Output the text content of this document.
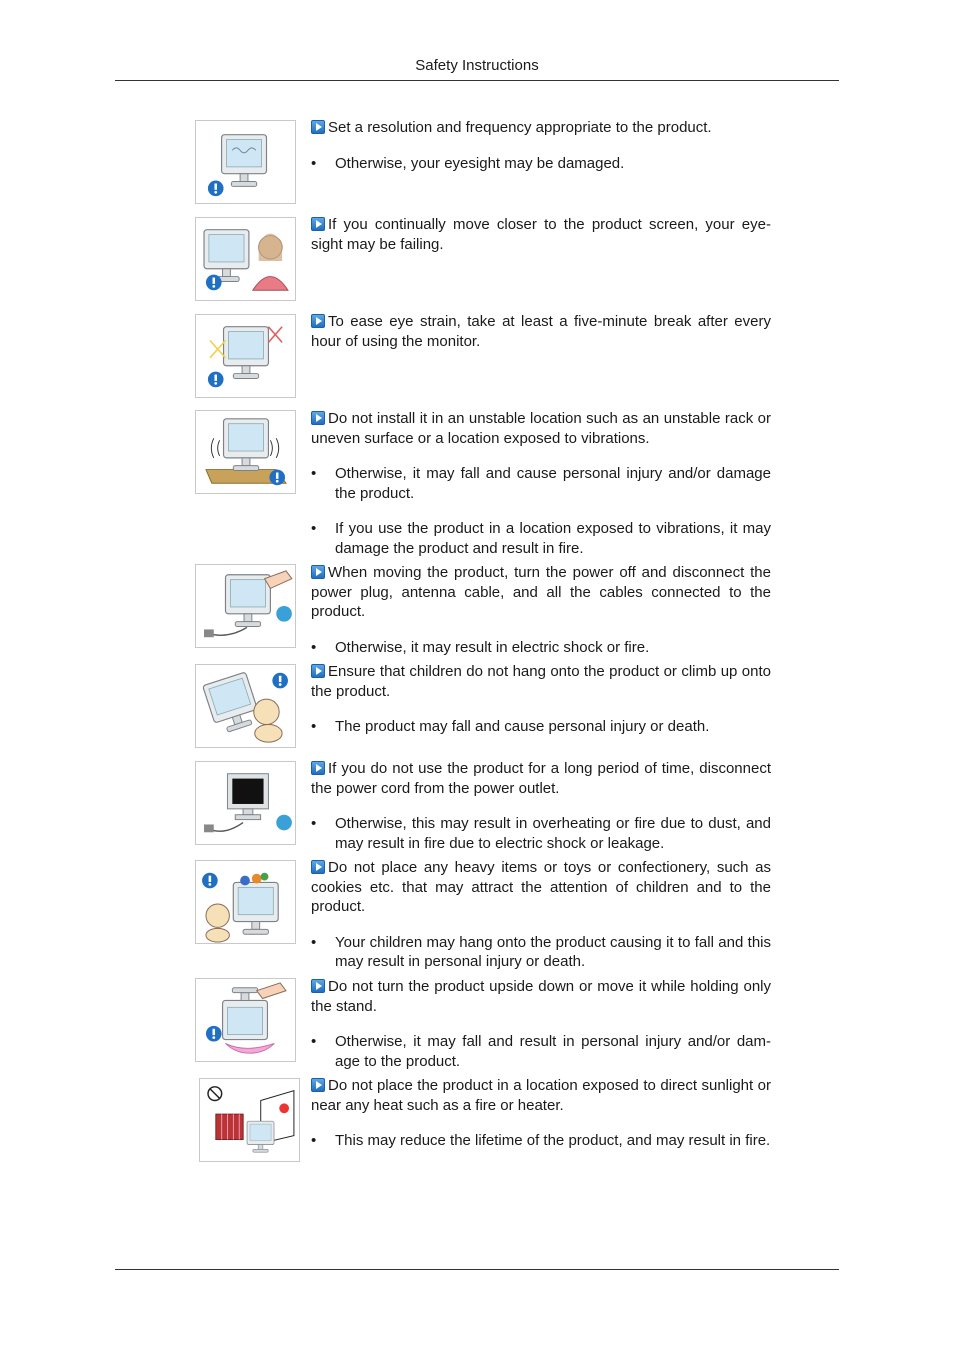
Safety Instructions
Set a resolution and frequency appropriate to the product.
• Otherwise, your eyesight may be damaged.
If you continually move closer to the product screen, your eye-sight may be failing.
To ease eye strain, take at least a five-minute break after every hour of using the monitor.
Do not install it in an unstable location such as an unstable rack or uneven surface or a location exposed to vibrations.
• Otherwise, it may fall and cause personal injury and/or damage the product.
• If you use the product in a location exposed to vibrations, it may damage the product and result in fire.
When moving the product, turn the power off and disconnect the power plug, antenna cable, and all the cables connected to the product.
• Otherwise, it may result in electric shock or fire.
Ensure that children do not hang onto the product or climb up onto the product.
• The product may fall and cause personal injury or death.
If you do not use the product for a long period of time, disconnect the power cord from the power outlet.
• Otherwise, this may result in overheating or fire due to dust, and may result in fire due to electric shock or leakage.
Do not place any heavy items or toys or confectionery, such as cookies etc. that may attract the attention of children and to the product.
• Your children may hang onto the product causing it to fall and this may result in personal injury or death.
Do not turn the product upside down or move it while holding only the stand.
• Otherwise, it may fall and result in personal injury and/or dam-age to the product.
Do not place the product in a location exposed to direct sunlight or near any heat such as a fire or heater.
• This may reduce the lifetime of the product, and may result in fire.
